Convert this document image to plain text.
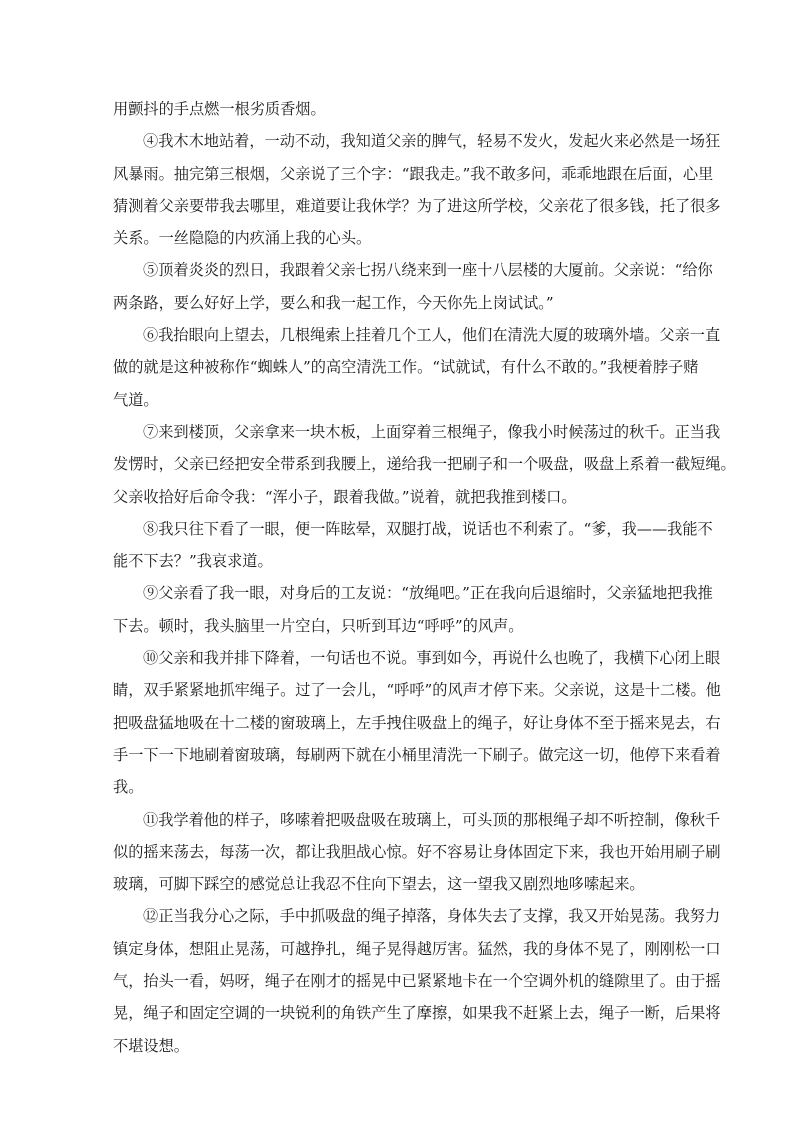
用颤抖的手点燃一根劣质香烟。
④我木木地站着，一动不动，我知道父亲的脾气，轻易不发火，发起火来必然是一场狂
风暴雨。抽完第三根烟，父亲说了三个字：“跟我走。”我不敢多问，乖乖地跟在后面，心里
猜测着父亲要带我去哪里，难道要让我休学？为了进这所学校，父亲花了很多钱，托了很多
关系。一丝隐隐的内疚涌上我的心头。
⑤顶着炎炎的烈日，我跟着父亲七拐八绕来到一座十八层楼的大厦前。父亲说：“给你
两条路，要么好好上学，要么和我一起工作，今天你先上岗试试。”
⑥我抬眼向上望去，几根绳索上挂着几个工人，他们在清洗大厦的玻璃外墙。父亲一直
做的就是这种被称作“蜘蛛人”的高空清洗工作。“试就试，有什么不敢的。”我梗着脖子赌
气道。
⑦来到楼顶，父亲拿来一块木板，上面穿着三根绳子，像我小时候荡过的秋千。正当我
发愣时，父亲已经把安全带系到我腰上，递给我一把刷子和一个吸盘，吸盘上系着一截短绳。
父亲收拾好后命令我：“浑小子，跟着我做。”说着，就把我推到楼口。
⑧我只往下看了一眼，便一阵眩晕，双腿打战，说话也不利索了。“爹，我——我能不
能不下去？”我哀求道。
⑨父亲看了我一眼，对身后的工友说：“放绳吧。”正在我向后退缩时，父亲猛地把我推
下去。顿时，我头脑里一片空白，只听到耳边“呼呼”的风声。
⑩父亲和我并排下降着，一句话也不说。事到如今，再说什么也晚了，我横下心闭上眼
睛，双手紧紧地抓牢绳子。过了一会儿，“呼呼”的风声才停下来。父亲说，这是十二楼。他
把吸盘猛地吸在十二楼的窗玻璃上，左手拽住吸盘上的绳子，好让身体不至于摇来晃去，右
手一下一下地刷着窗玻璃，每刷两下就在小桶里清洗一下刷子。做完这一切，他停下来看着
我。
⑪我学着他的样子，哆嗦着把吸盘吸在玻璃上，可头顶的那根绳子却不听控制，像秋千
似的摇来荡去，每荡一次，都让我胆战心惊。好不容易让身体固定下来，我也开始用刷子刷
玻璃，可脚下踩空的感觉总让我忍不住向下望去，这一望我又剧烈地哆嗦起来。
⑫正当我分心之际，手中抓吸盘的绳子掉落，身体失去了支撑，我又开始晃荡。我努力
镇定身体，想阻止晃荡，可越挣扎，绳子晃得越厉害。猛然，我的身体不晃了，刚刚松一口
气，抬头一看，妈呀，绳子在刚才的摇晃中已紧紧地卡在一个空调外机的缝隙里了。由于摇
晃，绳子和固定空调的一块锐利的角铁产生了摩擦，如果我不赶紧上去，绳子一断，后果将
不堪设想。
